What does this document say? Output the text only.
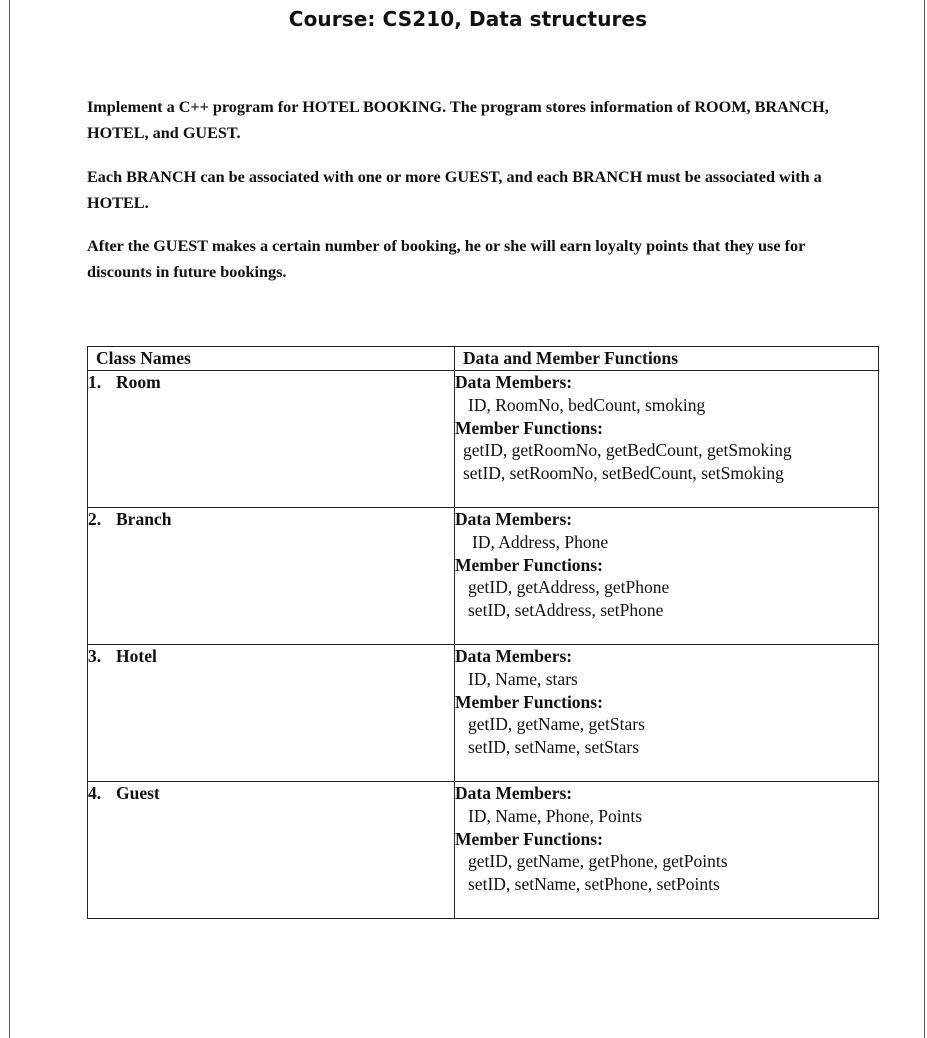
Course: CS210, Data structures
Implement a C++ program for HOTEL BOOKING. The program stores information of ROOM, BRANCH, HOTEL, and GUEST.
Each BRANCH can be associated with one or more GUEST, and each BRANCH must be associated with a HOTEL.
After the GUEST makes a certain number of booking, he or she will earn loyalty points that they use for discounts in future bookings.
Class Names	Data and Member Functions
1. Room	Data Members:
ID, RoomNo, bedCount, smoking
Member Functions:
getID, getRoomNo, getBedCount, getSmoking
setID, setRoomNo, setBedCount, setSmoking

2. Branch	Data Members:
ID, Address, Phone
Member Functions:
getID, getAddress, getPhone
setID, setAddress, setPhone

3. Hotel	Data Members:
ID, Name, stars
Member Functions:
getID, getName, getStars
setID, setName, setStars

4. Guest	Data Members:
ID, Name, Phone, Points
Member Functions:
getID, getName, getPhone, getPoints
setID, setName, setPhone, setPoints
